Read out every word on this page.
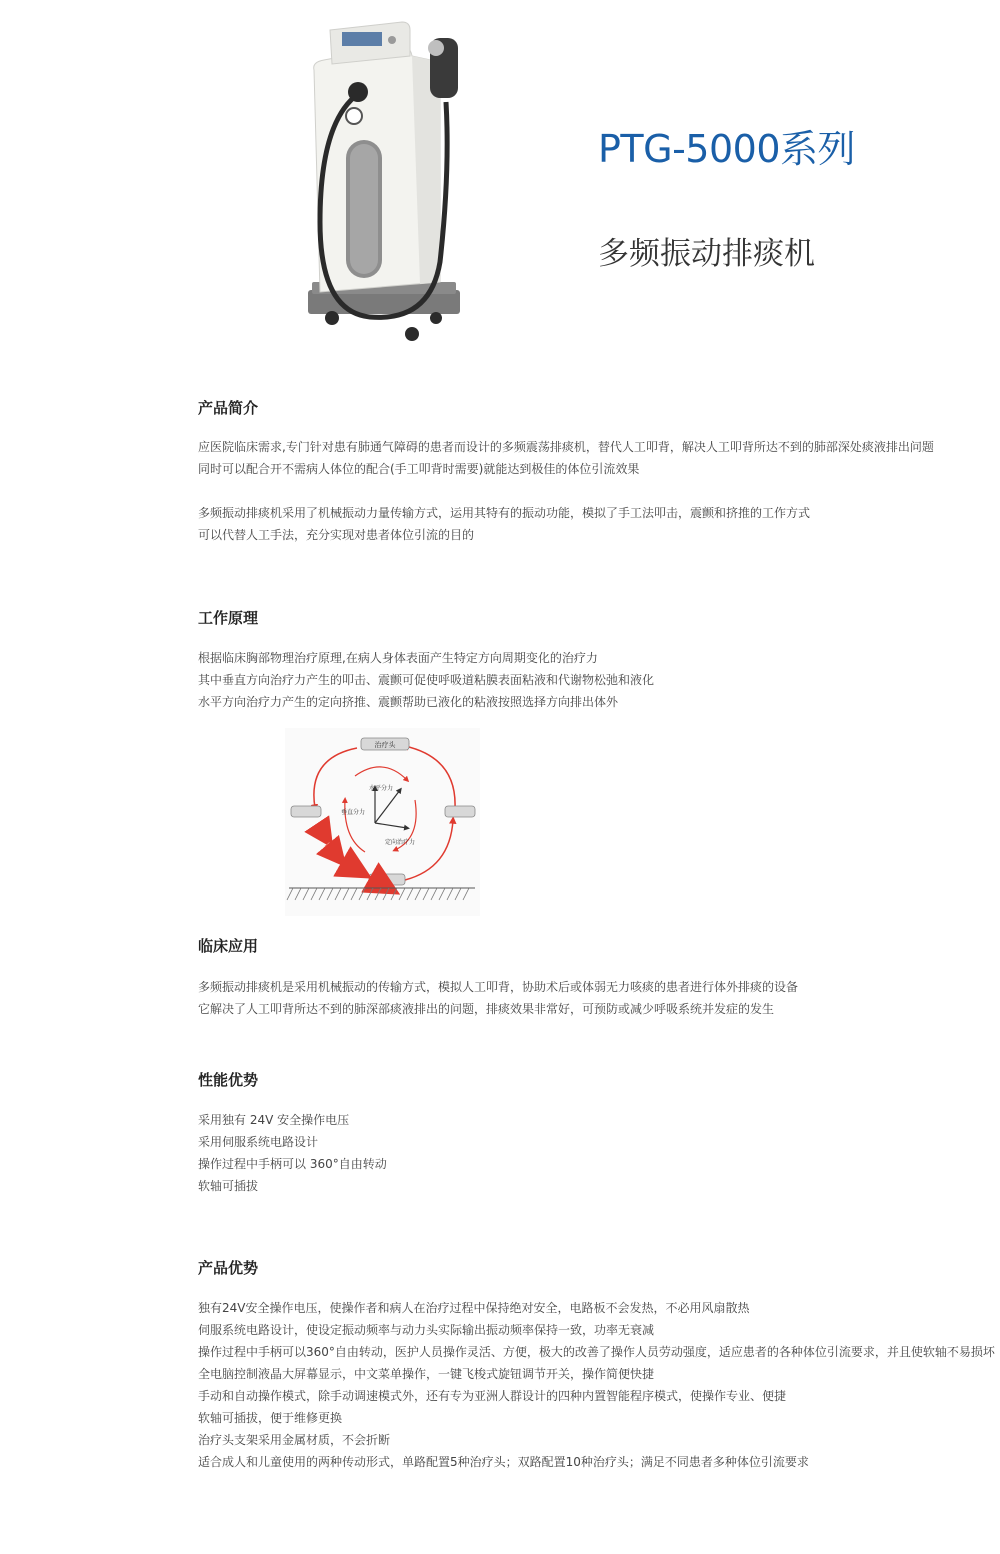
PTG-5000系列
多频振动排痰机
产品简介
应医院临床需求,专门针对患有肺通气障碍的患者而设计的多频震荡排痰机，替代人工叩背，解决人工叩背所达不到的肺部深处痰液排出问题
同时可以配合开不需病人体位的配合(手工叩背时需要)就能达到极佳的体位引流效果
多频振动排痰机采用了机械振动力量传输方式，运用其特有的振动功能，模拟了手工法叩击，震颤和挤推的工作方式
可以代替人工手法，充分实现对患者体位引流的目的
工作原理
根据临床胸部物理治疗原理,在病人身体表面产生特定方向周期变化的治疗力
其中垂直方向治疗力产生的叩击、震颤可促使呼吸道粘膜表面粘液和代谢物松弛和液化
水平方向治疗力产生的定向挤推、震颤帮助已液化的粘液按照选择方向排出体外
治疗头
水平分力
垂直分力
定向治疗力
临床应用
多频振动排痰机是采用机械振动的传输方式，模拟人工叩背，协助术后或体弱无力咳痰的患者进行体外排痰的设备
它解决了人工叩背所达不到的肺深部痰液排出的问题，排痰效果非常好，可预防或减少呼吸系统并发症的发生
性能优势
采用独有 24V 安全操作电压
采用伺服系统电路设计
操作过程中手柄可以 360°自由转动
软轴可插拔
产品优势
独有24V安全操作电压，使操作者和病人在治疗过程中保持绝对安全，电路板不会发热，不必用风扇散热
伺服系统电路设计，使设定振动频率与动力头实际输出振动频率保持一致，功率无衰减
操作过程中手柄可以360°自由转动，医护人员操作灵活、方便，极大的改善了操作人员劳动强度，适应患者的各种体位引流要求，并且使软轴不易损坏
全电脑控制液晶大屏幕显示，中文菜单操作，一键飞梭式旋钮调节开关，操作简便快捷
手动和自动操作模式，除手动调速模式外，还有专为亚洲人群设计的四种内置智能程序模式，使操作专业、便捷
软轴可插拔，便于维修更换
治疗头支架采用金属材质，不会折断
适合成人和儿童使用的两种传动形式，单路配置5种治疗头；双路配置10种治疗头；满足不同患者多种体位引流要求
